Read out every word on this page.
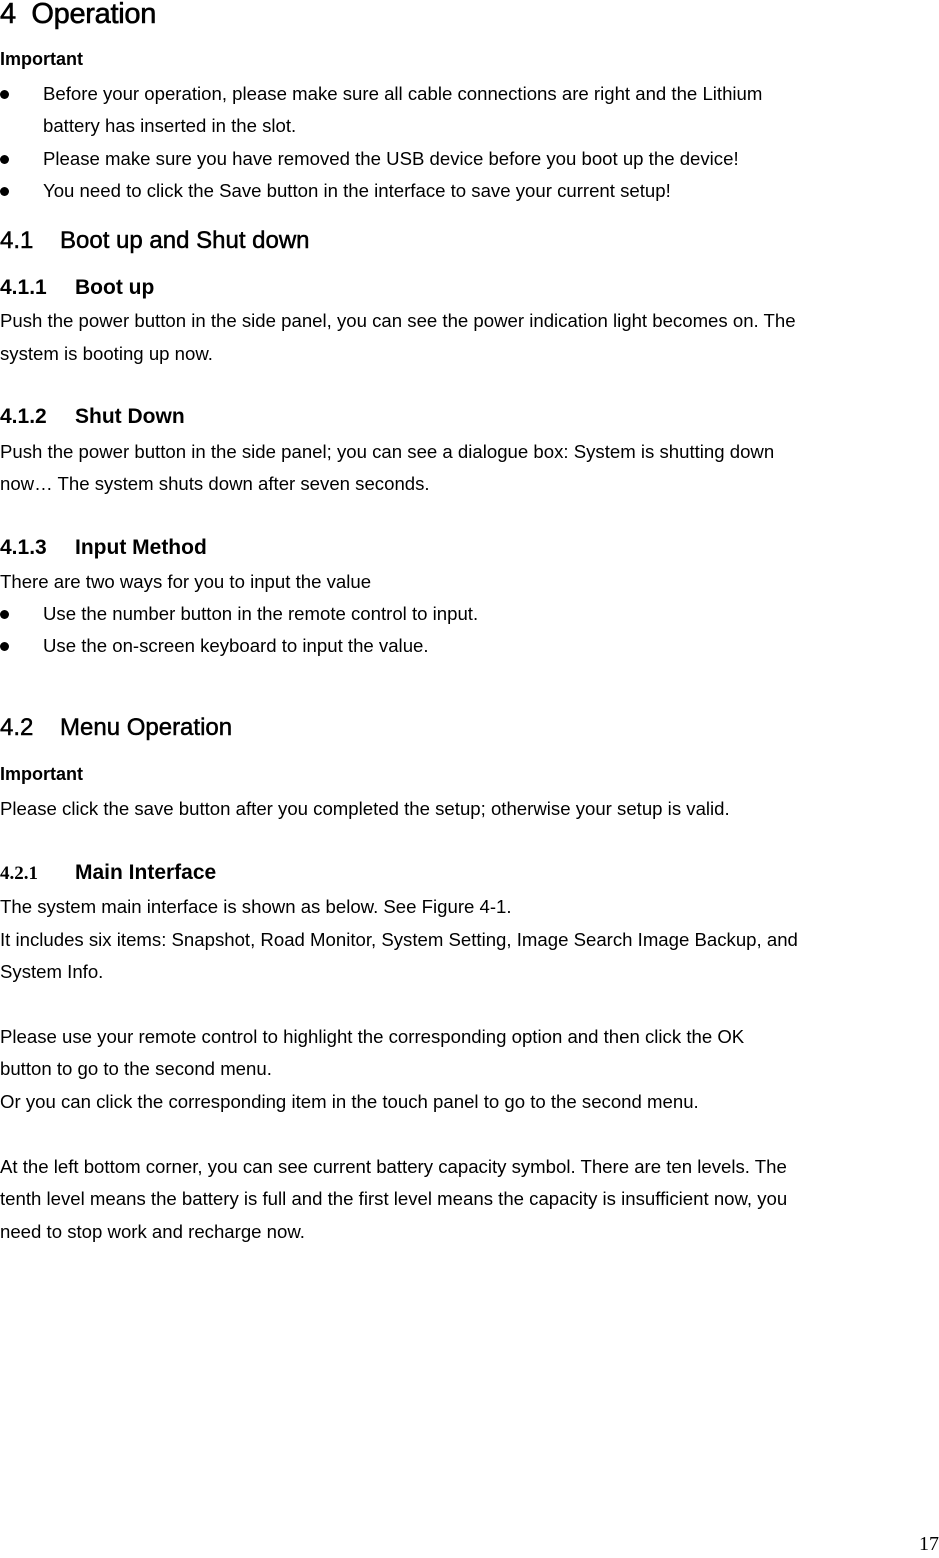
4 Operation
Important
Before your operation, please make sure all cable connections are right and the Lithium
battery has inserted in the slot.
Please make sure you have removed the USB device before you boot up the device!
You need to click the Save button in the interface to save your current setup!
4.1 Boot up and Shut down
4.1.1 Boot up
Push the power button in the side panel, you can see the power indication light becomes on. The
system is booting up now.
4.1.2 Shut Down
Push the power button in the side panel; you can see a dialogue box: System is shutting down
now… The system shuts down after seven seconds.
4.1.3 Input Method
There are two ways for you to input the value
Use the number button in the remote control to input.
Use the on-screen keyboard to input the value.
4.2 Menu Operation
Important
Please click the save button after you completed the setup; otherwise your setup is valid.
4.2.1 Main Interface
The system main interface is shown as below. See Figure 4-1.
It includes six items: Snapshot, Road Monitor, System Setting, Image Search Image Backup, and
System Info.
Please use your remote control to highlight the corresponding option and then click the OK
button to go to the second menu.
Or you can click the corresponding item in the touch panel to go to the second menu.
At the left bottom corner, you can see current battery capacity symbol. There are ten levels. The
tenth level means the battery is full and the first level means the capacity is insufficient now, you
need to stop work and recharge now.
17
